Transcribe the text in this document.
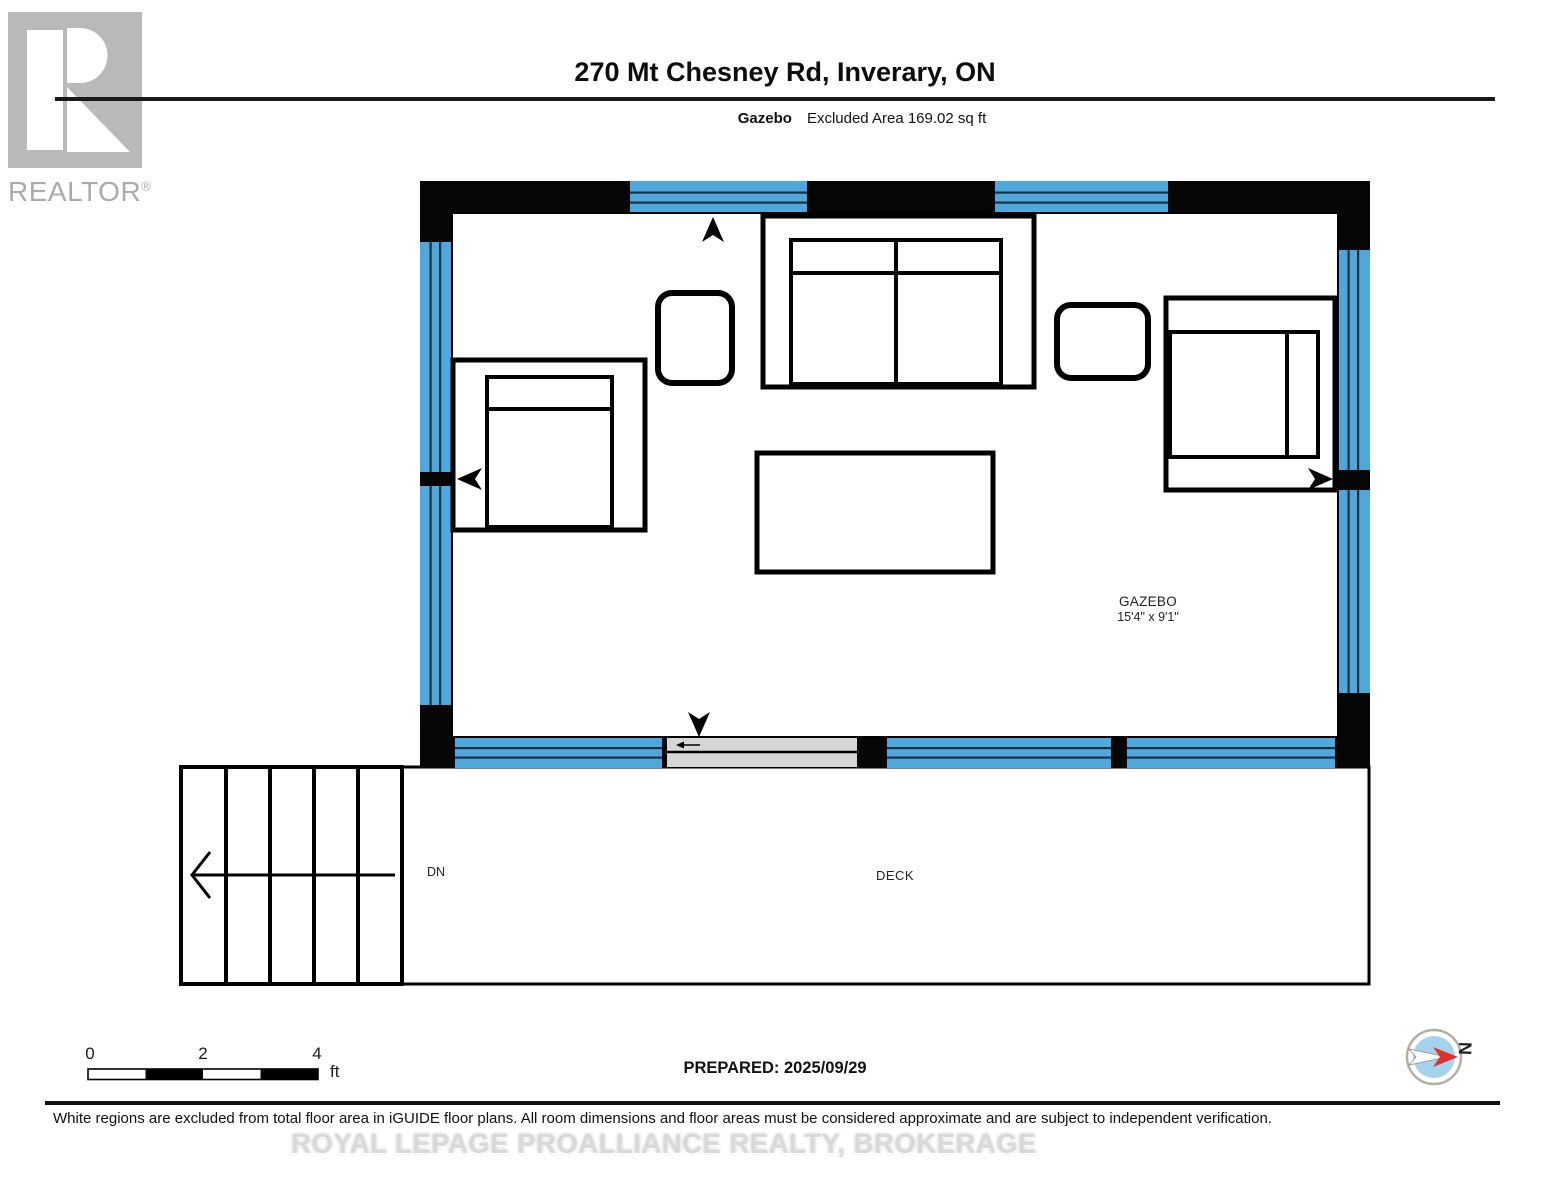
REALTOR®
270 Mt Chesney Rd, Inverary, ON
Gazebo Excluded Area 169.02 sq ft
GAZEBO
15'4" x 9'1"
DECK
DN
0	2	4
ft	PREPARED: 2025/09/29
N
White regions are excluded from total floor area in iGUIDE floor plans. All room dimensions and floor areas must be considered approximate and are subject to independent verification.
ROYAL LEPAGE PROALLIANCE REALTY, BROKERAGE
